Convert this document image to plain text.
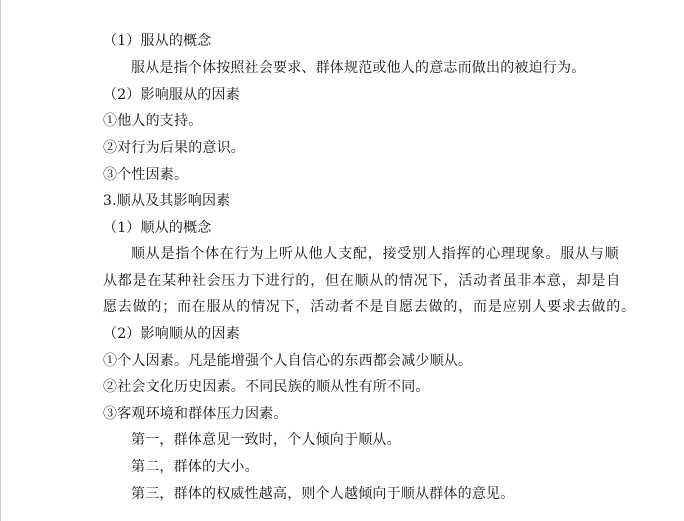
（1）服从的概念
服从是指个体按照社会要求、群体规范或他人的意志而做出的被迫行为。
（2）影响服从的因素
①他人的支持。
②对行为后果的意识。
③个性因素。
3.顺从及其影响因素
（1）顺从的概念
顺从是指个体在行为上听从他人支配，接受别人指挥的心理现象。服从与顺
从都是在某种社会压力下进行的，但在顺从的情况下，活动者虽非本意，却是自
愿去做的；而在服从的情况下，活动者不是自愿去做的，而是应别人要求去做的。
（2）影响顺从的因素
①个人因素。凡是能增强个人自信心的东西都会减少顺从。
②社会文化历史因素。不同民族的顺从性有所不同。
③客观环境和群体压力因素。
第一，群体意见一致时，个人倾向于顺从。
第二，群体的大小。
第三，群体的权威性越高，则个人越倾向于顺从群体的意见。
